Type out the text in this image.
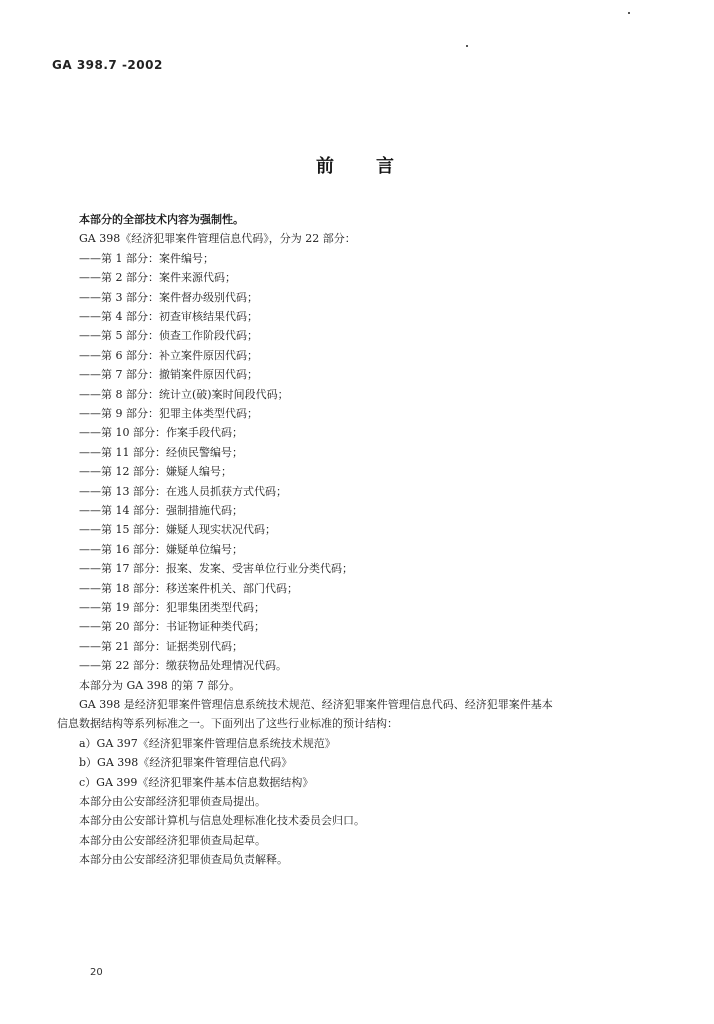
GA 398.7 -2002
前言
本部分的全部技术内容为强制性。
GA 398《经济犯罪案件管理信息代码》，分为 22 部分：
——第 1 部分：案件编号；
——第 2 部分：案件来源代码；
——第 3 部分：案件督办级别代码；
——第 4 部分：初查审核结果代码；
——第 5 部分：侦查工作阶段代码；
——第 6 部分：补立案件原因代码；
——第 7 部分：撤销案件原因代码；
——第 8 部分：统计立(破)案时间段代码；
——第 9 部分：犯罪主体类型代码；
——第 10 部分：作案手段代码；
——第 11 部分：经侦民警编号；
——第 12 部分：嫌疑人编号；
——第 13 部分：在逃人员抓获方式代码；
——第 14 部分：强制措施代码；
——第 15 部分：嫌疑人现实状况代码；
——第 16 部分：嫌疑单位编号；
——第 17 部分：报案、发案、受害单位行业分类代码；
——第 18 部分：移送案件机关、部门代码；
——第 19 部分：犯罪集团类型代码；
——第 20 部分：书证物证种类代码；
——第 21 部分：证据类别代码；
——第 22 部分：缴获物品处理情况代码。
本部分为 GA 398 的第 7 部分。
GA 398 是经济犯罪案件管理信息系统技术规范、经济犯罪案件管理信息代码、经济犯罪案件基本
信息数据结构等系列标准之一。下面列出了这些行业标准的预计结构：
a）GA 397《经济犯罪案件管理信息系统技术规范》
b）GA 398《经济犯罪案件管理信息代码》
c）GA 399《经济犯罪案件基本信息数据结构》
本部分由公安部经济犯罪侦查局提出。
本部分由公安部计算机与信息处理标准化技术委员会归口。
本部分由公安部经济犯罪侦查局起草。
本部分由公安部经济犯罪侦查局负责解释。
20
